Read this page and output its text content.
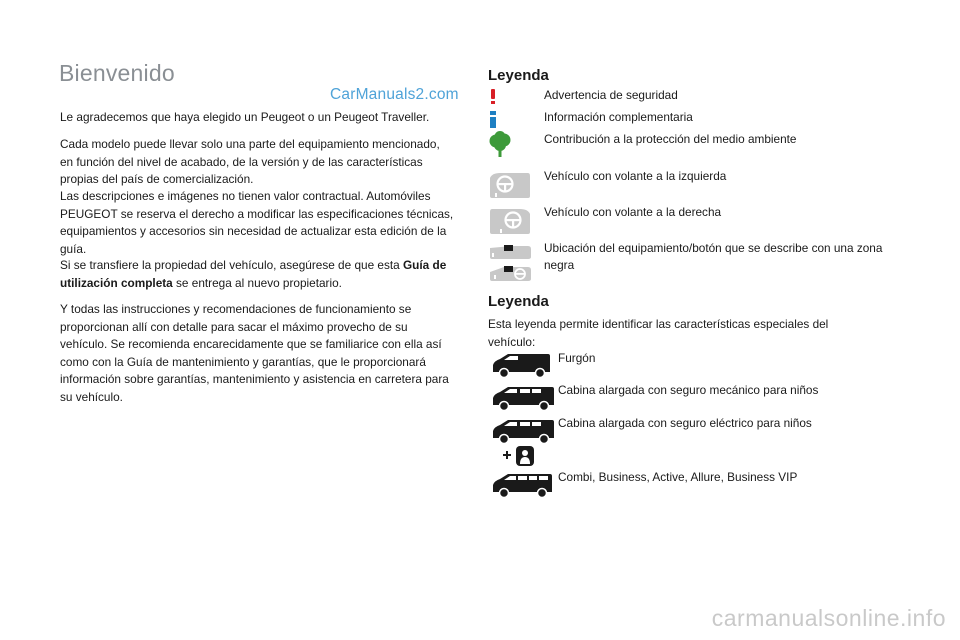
Bienvenido
CarManuals2.com

Le agradecemos que haya elegido un Peugeot o un Peugeot Traveller.

Cada modelo puede llevar solo una parte del equipamiento mencionado, en función del nivel de acabado, de la versión y de las características propias del país de comercialización.

Las descripciones e imágenes no tienen valor contractual. Automóviles PEUGEOT se reserva el derecho a modificar las especificaciones técnicas, equipamientos y accesorios sin necesidad de actualizar esta edición de la guía.

Si se transfiere la propiedad del vehículo, asegúrese de que esta Guía de utilización completa se entrega al nuevo propietario.

Y todas las instrucciones y recomendaciones de funcionamiento se proporcionan allí con detalle para sacar el máximo provecho de su vehículo. Se recomienda encarecidamente que se familiarice con ella así como con la Guía de mantenimiento y garantías, que le proporcionará información sobre garantías, mantenimiento y asistencia en carretera para su vehículo.

Leyenda
Advertencia de seguridad
Información complementaria
Contribución a la protección del medio ambiente
Vehículo con volante a la izquierda
Vehículo con volante a la derecha
Ubicación del equipamiento/botón que se describe con una zona negra
Leyenda

Esta leyenda permite identificar las características especiales del vehículo:

Furgón
Cabina alargada con seguro mecánico para niños
Cabina alargada con seguro eléctrico para niños
Combi, Business, Active, Allure, Business VIP
carmanualsonline.info
